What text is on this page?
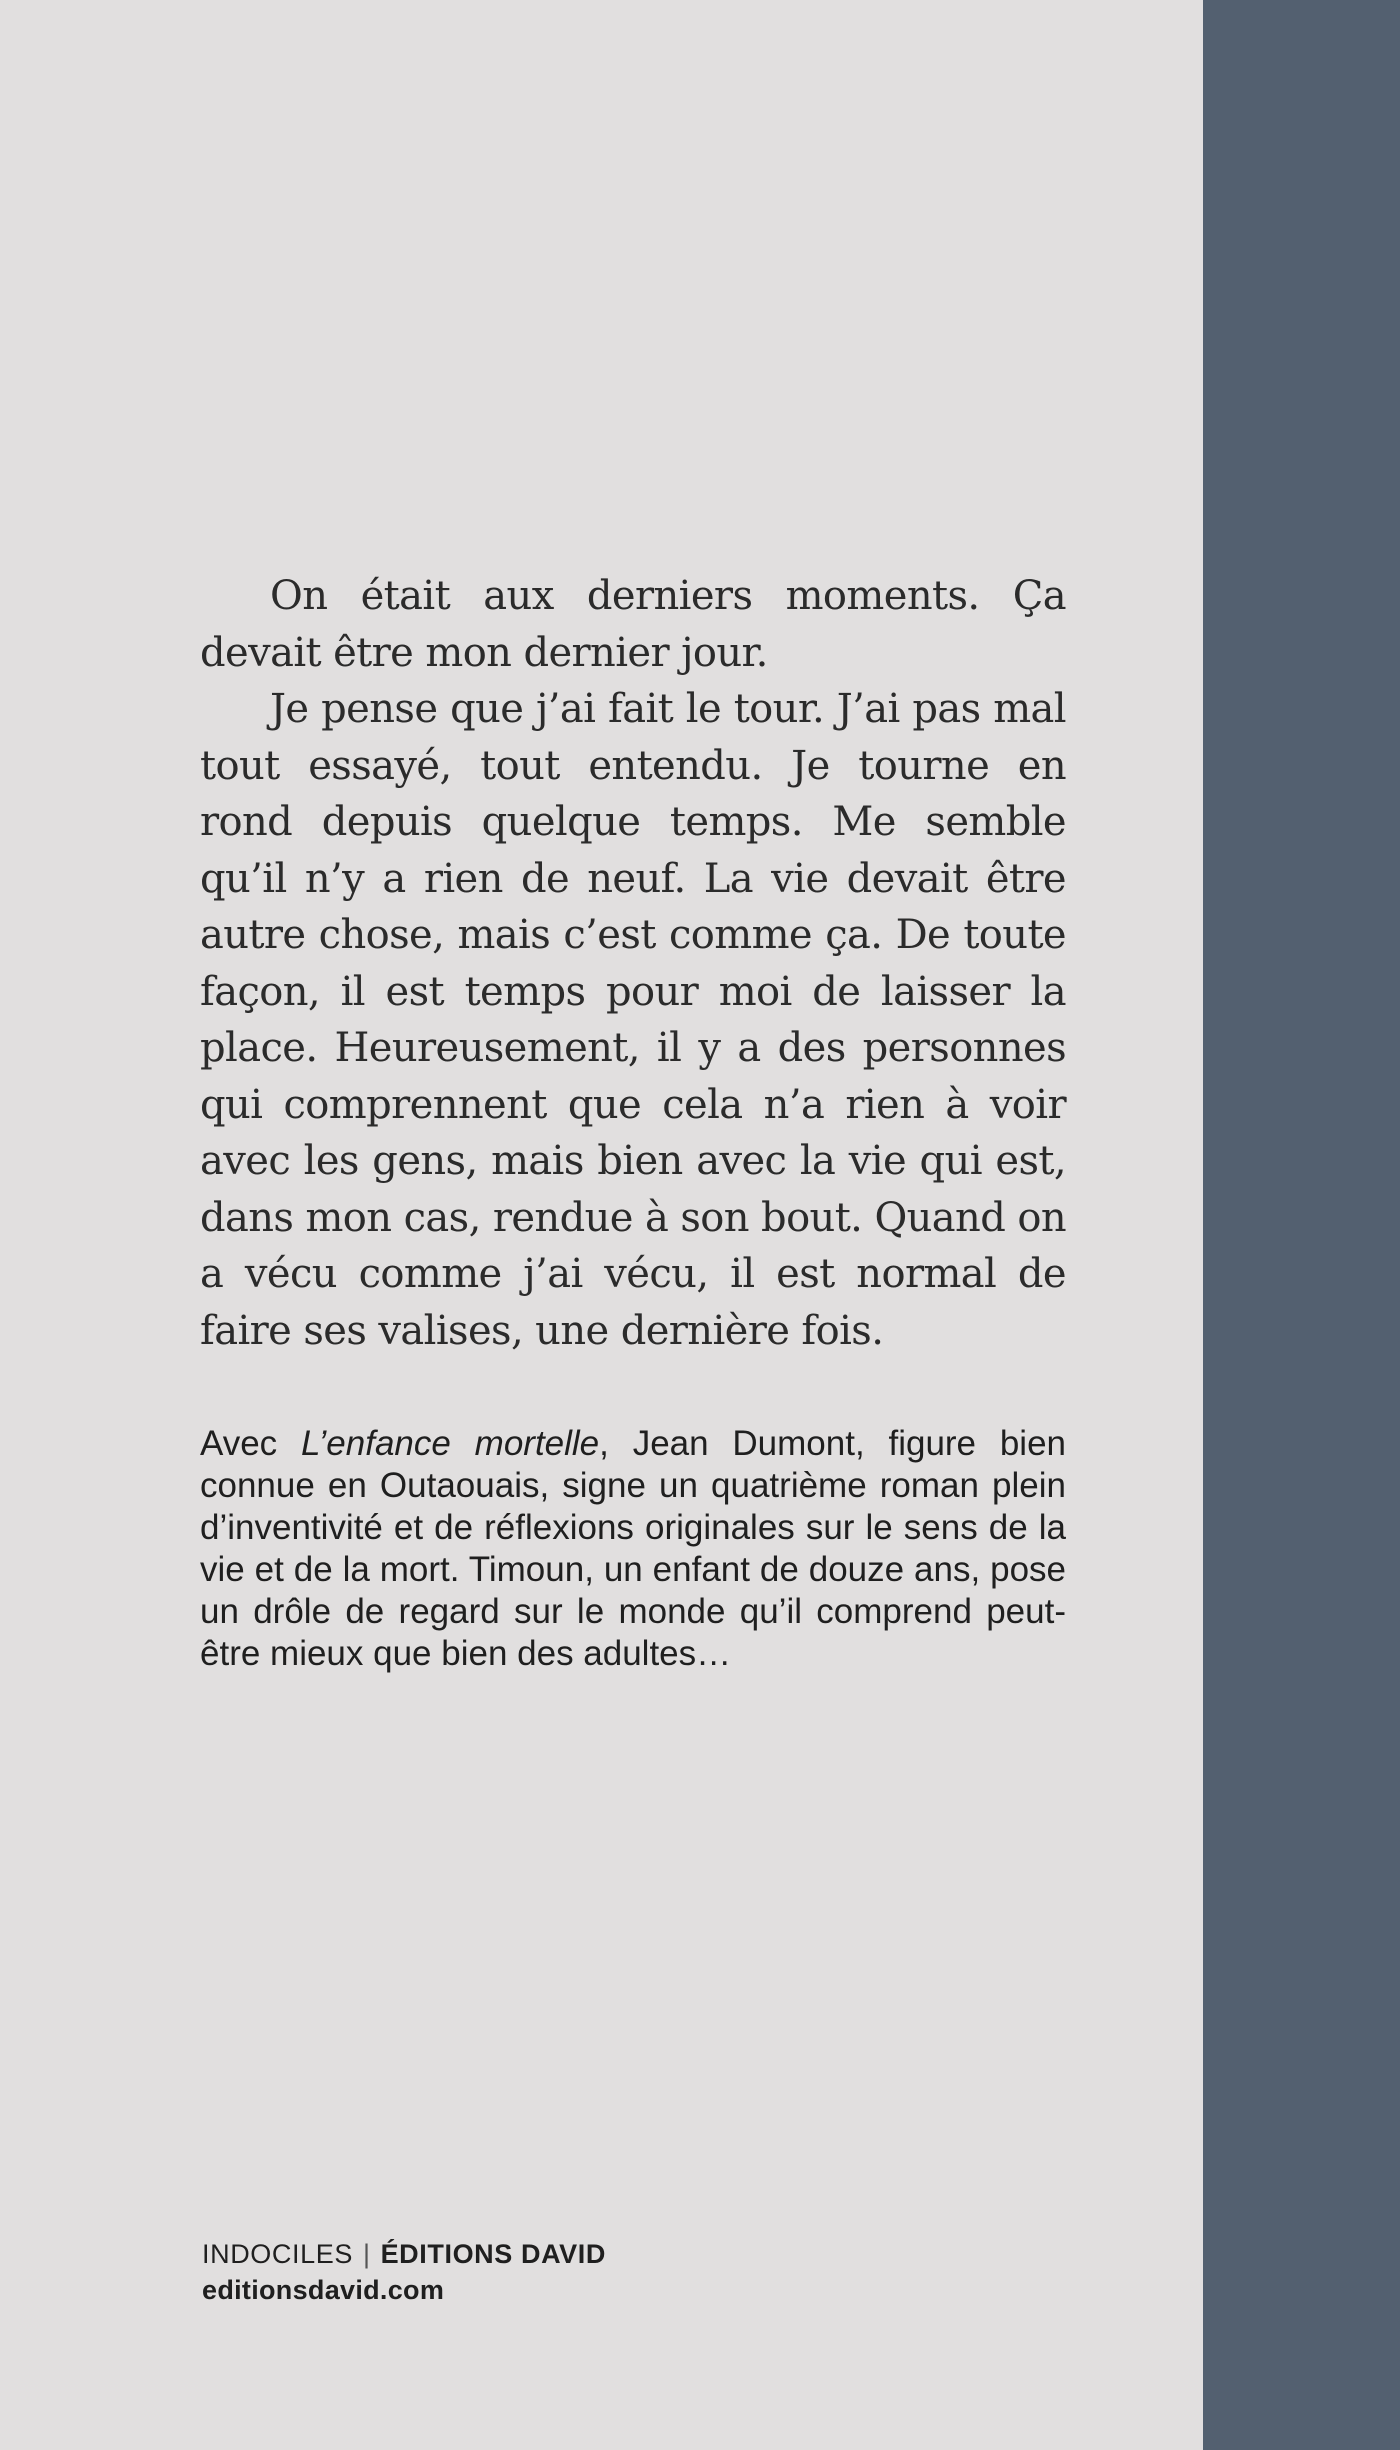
On était aux derniers moments. Ça devait être mon dernier jour.

Je pense que j’ai fait le tour. J’ai pas mal tout essayé, tout entendu. Je tourne en rond depuis quelque temps. Me semble qu’il n’y a rien de neuf. La vie devait être autre chose, mais c’est comme ça. De toute façon, il est temps pour moi de laisser la place. Heureusement, il y a des personnes qui comprennent que cela n’a rien à voir avec les gens, mais bien avec la vie qui est, dans mon cas, rendue à son bout. Quand on a vécu comme j’ai vécu, il est normal de faire ses valises, une dernière fois.

Avec L’enfance mortelle, Jean Dumont, figure bien connue en Outaouais, signe un quatrième roman plein d’inventivité et de réflexions originales sur le sens de la vie et de la mort. Timoun, un enfant de douze ans, pose un drôle de regard sur le monde qu’il comprend peut-être mieux que bien des adultes…

INDOCILES | ÉDITIONS DAVID
editionsdavid.com
